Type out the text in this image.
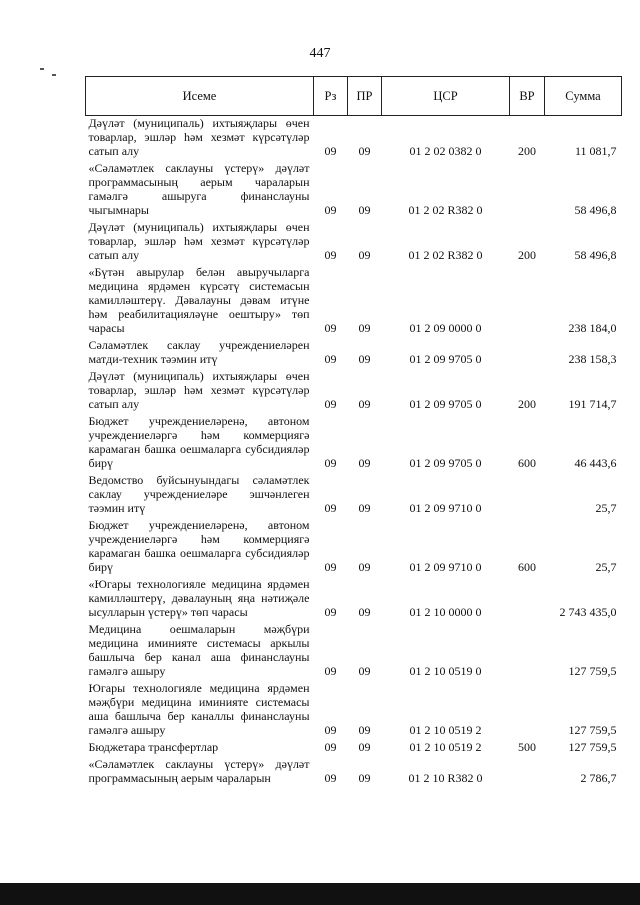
447
Исеме	Рз	ПР	ЦСР	ВР	Сумма
Дәүләт (муниципаль) ихтыяҗлары өчен товарлар, эшләр һәм хезмәт күрсәтүләр сатып алу	09	09	01 2 02 0382 0	200	11 081,7
«Сәламәтлек саклауны үстерү» дәүләт программасының аерым чараларын гамәлгә ашыруга финанслауны чыгымнары	09	09	01 2 02 R382 0		58 496,8
Дәүләт (муниципаль) ихтыяҗлары өчен товарлар, эшләр һәм хезмәт күрсәтүләр сатып алу	09	09	01 2 02 R382 0	200	58 496,8
«Бүтән авырулар белән авыручыларга медицина ярдәмен күрсәтү системасын камилләштерү. Дәвалауны дәвам итүне һәм реабилитацияләүне оештыру» төп чарасы	09	09	01 2 09 0000 0		238 184,0
Сәламәтлек саклау учреждениеләрен матди-техник тәэмин итү	09	09	01 2 09 9705 0		238 158,3
Дәүләт (муниципаль) ихтыяҗлары өчен товарлар, эшләр һәм хезмәт күрсәтүләр сатып алу	09	09	01 2 09 9705 0	200	191 714,7
Бюджет учреждениеләренә, автоном учреждениеләргә һәм коммерциягә карамаган башка оешмаларга субсидияләр бирү	09	09	01 2 09 9705 0	600	46 443,6
Ведомство буйсынуындагы сәламәтлек саклау учреждениеләре эшчәнлеген тәэмин итү	09	09	01 2 09 9710 0		25,7
Бюджет учреждениеләренә, автоном учреждениеләргә һәм коммерциягә карамаган башка оешмаларга субсидияләр бирү	09	09	01 2 09 9710 0	600	25,7
«Югары технологияле медицина ярдәмен камилләштерү, дәвалауның яңа нәтиҗәле ысулларын үстерү» төп чарасы	09	09	01 2 10 0000 0		2 743 435,0
Медицина оешмаларын мәҗбүри медицина иминияте системасы аркылы башлыча бер канал аша финанслауны гамәлгә ашыру	09	09	01 2 10 0519 0		127 759,5
Югары технологияле медицина ярдәмен мәҗбүри медицина иминияте системасы аша башлыча бер каналлы финанслауны гамәлгә ашыру	09	09	01 2 10 0519 2		127 759,5
Бюджетара трансфертлар	09	09	01 2 10 0519 2	500	127 759,5
«Сәламәтлек саклауны үстерү» дәүләт программасының аерым чараларын	09	09	01 2 10 R382 0		2 786,7
